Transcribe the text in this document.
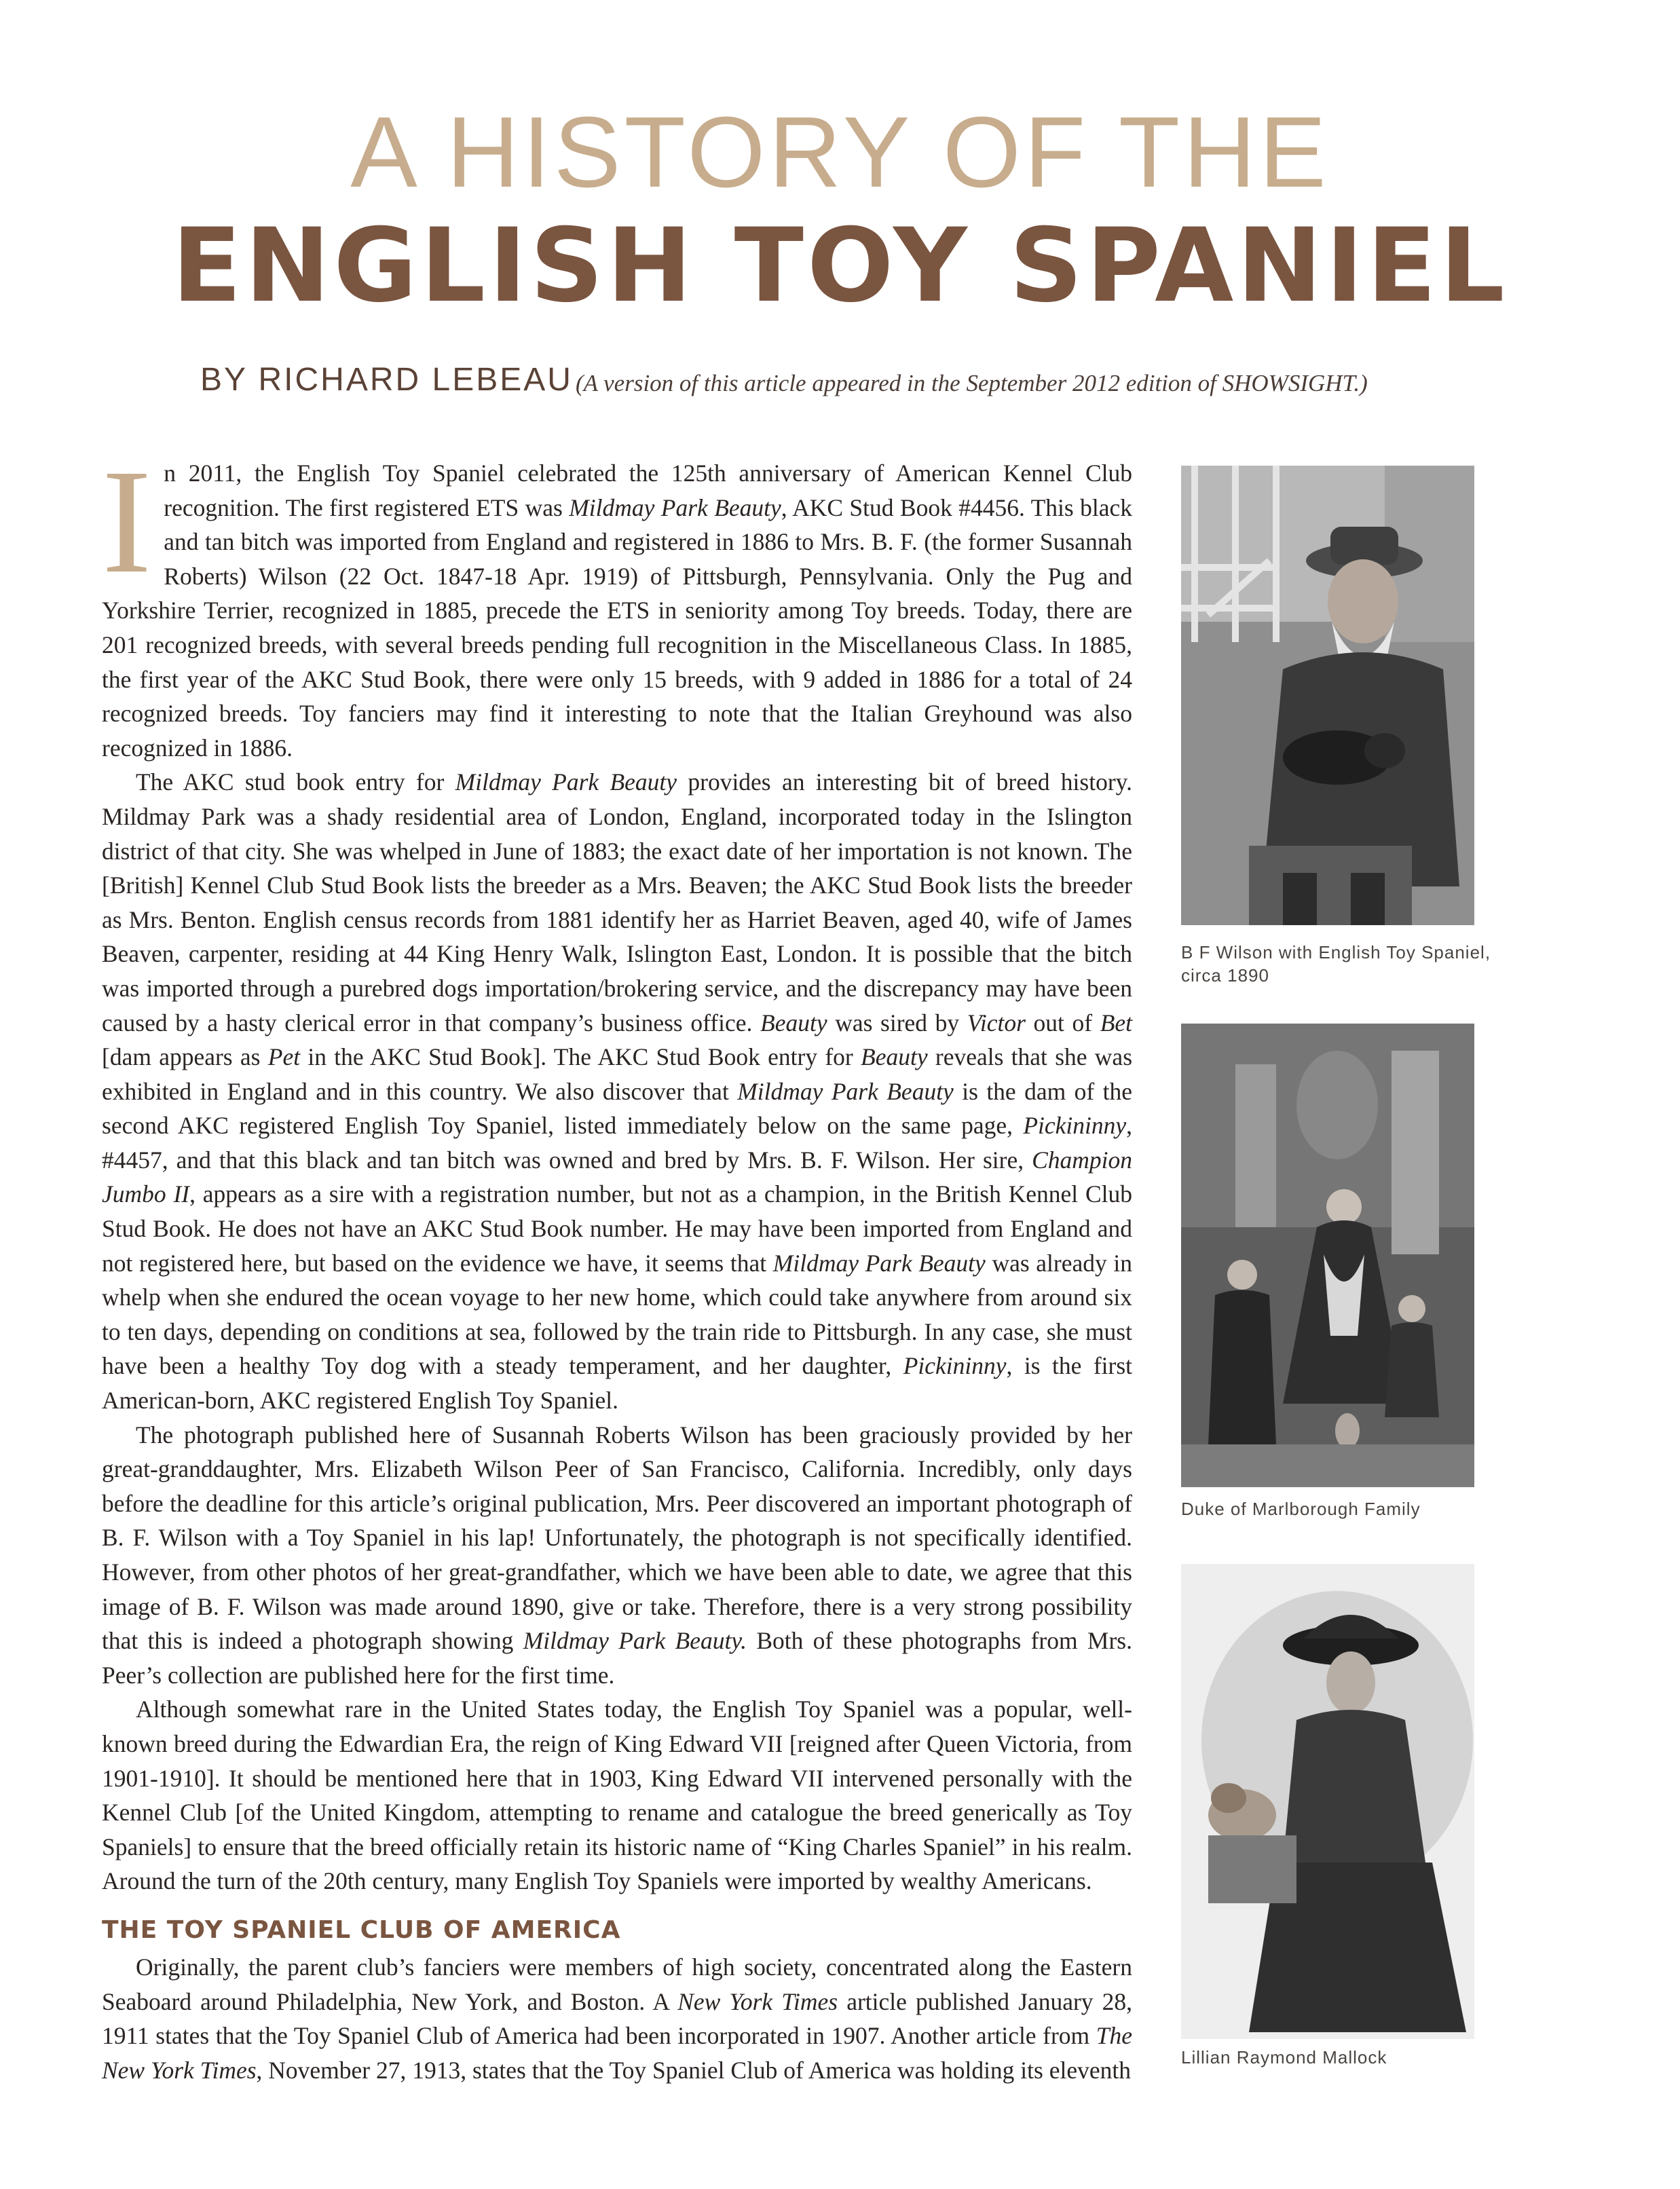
A HISTORY OF THE
ENGLISH TOY SPANIEL
BY RICHARD LEBEAU (A version of this article appeared in the September 2012 edition of SHOWSIGHT.)

In 2011, the English Toy Spaniel celebrated the 125th anniversary of American Kennel Club recognition. The first registered ETS was Mildmay Park Beauty, AKC Stud Book #4456. This black and tan bitch was imported from England and registered in 1886 to Mrs. B. F. (the former Susannah Roberts) Wilson (22 Oct. 1847-18 Apr. 1919) of Pittsburgh, Pennsylvania. Only the Pug and Yorkshire Terrier, recognized in 1885, precede the ETS in seniority among Toy breeds. Today, there are 201 recognized breeds, with several breeds pending full recognition in the Miscellaneous Class. In 1885, the first year of the AKC Stud Book, there were only 15 breeds, with 9 added in 1886 for a total of 24 recognized breeds. Toy fanciers may find it interesting to note that the Italian Greyhound was also recognized in 1886.

The AKC stud book entry for Mildmay Park Beauty provides an interesting bit of breed history. Mildmay Park was a shady residential area of London, England, incorporated today in the Islington district of that city. She was whelped in June of 1883; the exact date of her importation is not known. The [British] Kennel Club Stud Book lists the breeder as a Mrs. Beaven; the AKC Stud Book lists the breeder as Mrs. Benton. English census records from 1881 identify her as Harriet Beaven, aged 40, wife of James Beaven, carpenter, residing at 44 King Henry Walk, Islington East, London. It is possible that the bitch was imported through a purebred dogs importation/brokering service, and the discrepancy may have been caused by a hasty clerical error in that company’s business office. Beauty was sired by Victor out of Bet [dam appears as Pet in the AKC Stud Book]. The AKC Stud Book entry for Beauty reveals that she was exhibited in England and in this country. We also discover that Mildmay Park Beauty is the dam of the second AKC registered English Toy Spaniel, listed immediately below on the same page, Pickininny, #4457, and that this black and tan bitch was owned and bred by Mrs. B. F. Wilson. Her sire, Champion Jumbo II, appears as a sire with a registration number, but not as a champion, in the British Kennel Club Stud Book. He does not have an AKC Stud Book number. He may have been imported from England and not registered here, but based on the evidence we have, it seems that Mildmay Park Beauty was already in whelp when she endured the ocean voyage to her new home, which could take anywhere from around six to ten days, depending on conditions at sea, followed by the train ride to Pittsburgh. In any case, she must have been a healthy Toy dog with a steady temperament, and her daughter, Pickininny, is the first American-born, AKC registered English Toy Spaniel.

The photograph published here of Susannah Roberts Wilson has been graciously provided by her great-granddaughter, Mrs. Elizabeth Wilson Peer of San Francisco, California. Incredibly, only days before the deadline for this article’s original publication, Mrs. Peer discovered an important photograph of B. F. Wilson with a Toy Spaniel in his lap! Unfortunately, the photograph is not specifically identified. However, from other photos of her great-grandfather, which we have been able to date, we agree that this image of B. F. Wilson was made around 1890, give or take. Therefore, there is a very strong possibility that this is indeed a photograph showing Mildmay Park Beauty. Both of these photographs from Mrs. Peer’s collection are published here for the first time.

Although somewhat rare in the United States today, the English Toy Spaniel was a popular, well-known breed during the Edwardian Era, the reign of King Edward VII [reigned after Queen Victoria, from 1901-1910]. It should be mentioned here that in 1903, King Edward VII intervened personally with the Kennel Club [of the United Kingdom, attempting to rename and catalogue the breed generically as Toy Spaniels] to ensure that the breed officially retain its historic name of “King Charles Spaniel” in his realm. Around the turn of the 20th century, many English Toy Spaniels were imported by wealthy Americans.

THE TOY SPANIEL CLUB OF AMERICA

Originally, the parent club’s fanciers were members of high society, concentrated along the Eastern Seaboard around Philadelphia, New York, and Boston. A New York Times article published January 28, 1911 states that the Toy Spaniel Club of America had been incorporated in 1907. Another article from The New York Times, November 27, 1913, states that the Toy Spaniel Club of America was holding its eleventh

B F Wilson with English Toy Spaniel, circa 1890
Duke of Marlborough Family
Lillian Raymond Mallock
